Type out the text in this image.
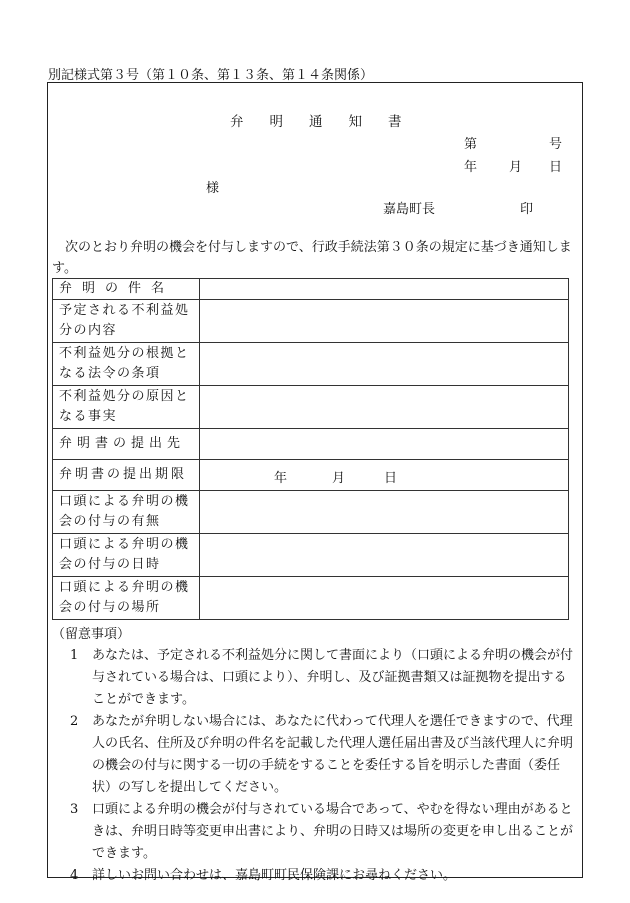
別記様式第３号（第１０条、第１３条、第１４条関係）
弁明通知書
第	号
年 月 日
様
嘉島町長	印
　次のとおり弁明の機会を付与しますので、行政手続法第３０条の規定に基づき通知します。
弁明の件名	
予定される不利益処分の内容	
不利益処分の根拠となる法令の条項	
不利益処分の原因となる事実	
弁明書の提出先	
弁明書の提出期限	年 月 日

口頭による弁明の機会の付与の有無	
口頭による弁明の機会の付与の日時	
口頭による弁明の機会の付与の場所	
（留意事項）
1	あなたは、予定される不利益処分に関して書面により（口頭による弁明の機会が付与されている場合は、口頭により）、弁明し、及び証拠書類又は証拠物を提出することができます。
2	あなたが弁明しない場合には、あなたに代わって代理人を選任できますので、代理人の氏名、住所及び弁明の件名を記載した代理人選任届出書及び当該代理人に弁明の機会の付与に関する一切の手続をすることを委任する旨を明示した書面（委任状）の写しを提出してください。
3	口頭による弁明の機会が付与されている場合であって、やむを得ない理由があるときは、弁明日時等変更申出書により、弁明の日時又は場所の変更を申し出ることができます。
4	詳しいお問い合わせは、嘉島町町民保険課にお尋ねください。
